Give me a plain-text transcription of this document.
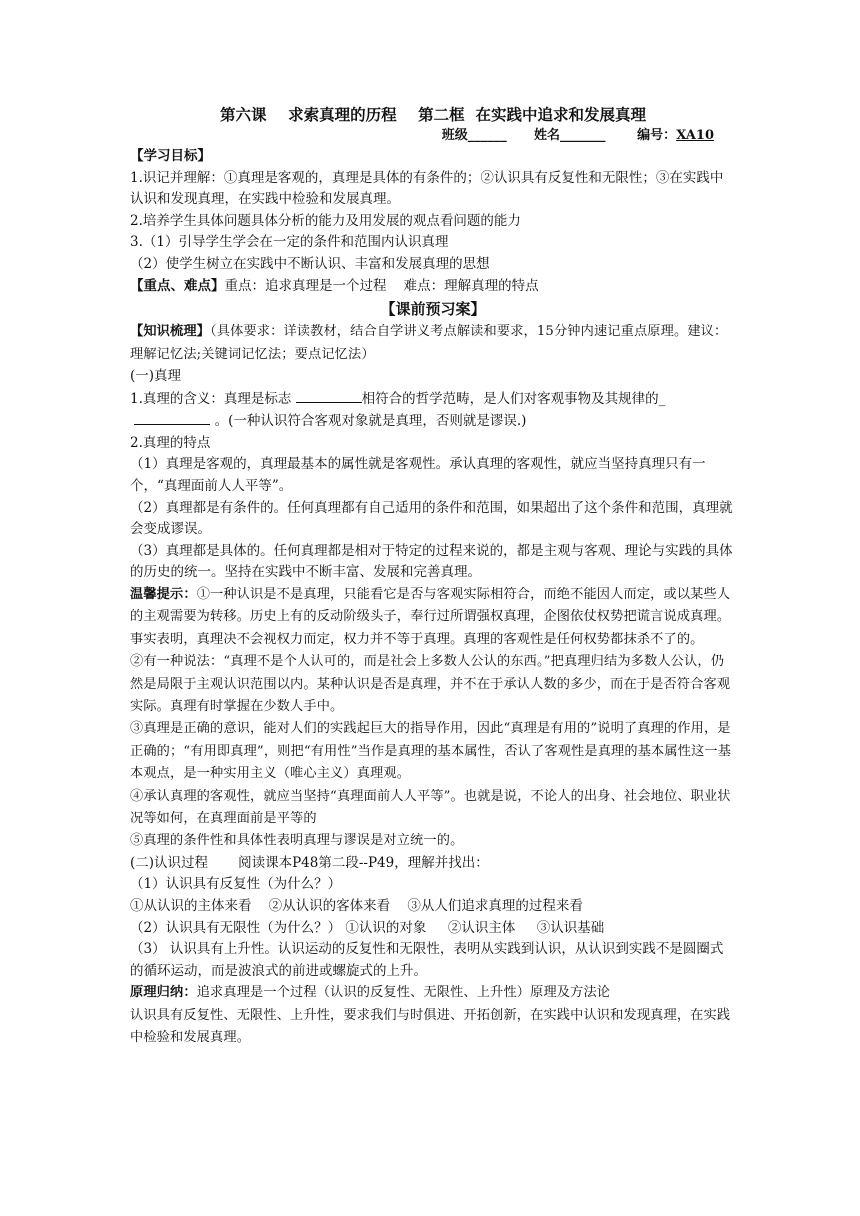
第六课    求索真理的历程    第二框  在实践中追求和发展真理
班级______ 姓名_______ 编号：XA10

【学习目标】

1.识记并理解：①真理是客观的，真理是具体的有条件的；②认识具有反复性和无限性；③在实践中认识和发现真理，在实践中检验和发展真理。

2.培养学生具体问题具体分析的能力及用发展的观点看问题的能力

3.（1）引导学生学会在一定的条件和范围内认识真理

（2）使学生树立在实践中不断认识、丰富和发展真理的思想

【重点、难点】重点：追求真理是一个过程    难点：理解真理的特点

【课前预习案】

【知识梳理】（具体要求：详读教材，结合自学讲义考点解读和要求，15分钟内速记重点原理。建议：理解记忆法;关键词记忆法；要点记忆法）

(一)真理

1.真理的含义：真理是标志	相符合的哲学范畴，是人们对客观事物及其规律的_
。(一种认识符合客观对象就是真理，否则就是谬误.)

2.真理的特点

（1）真理是客观的，真理最基本的属性就是客观性。承认真理的客观性，就应当坚持真理只有一个，“真理面前人人平等”。

（2）真理都是有条件的。任何真理都有自己适用的条件和范围，如果超出了这个条件和范围，真理就会变成谬误。

（3）真理都是具体的。任何真理都是相对于特定的过程来说的，都是主观与客观、理论与实践的具体的历史的统一。坚持在实践中不断丰富、发展和完善真理。

温馨提示：①一种认识是不是真理，只能看它是否与客观实际相符合，而绝不能因人而定，或以某些人的主观需要为转移。历史上有的反动阶级头子，奉行过所谓强权真理，企图依仗权势把谎言说成真理。事实表明，真理决不会视权力而定，权力并不等于真理。真理的客观性是任何权势都抹杀不了的。

②有一种说法：“真理不是个人认可的，而是社会上多数人公认的东西。”把真理归结为多数人公认，仍然是局限于主观认识范围以内。某种认识是否是真理，并不在于承认人数的多少，而在于是否符合客观实际。真理有时掌握在少数人手中。

③真理是正确的意识，能对人们的实践起巨大的指导作用，因此“真理是有用的”说明了真理的作用，是正确的；“有用即真理”，则把“有用性”当作是真理的基本属性，否认了客观性是真理的基本属性这一基本观点，是一种实用主义（唯心主义）真理观。

④承认真理的客观性，就应当坚持“真理面前人人平等”。也就是说，不论人的出身、社会地位、职业状况等如何，在真理面前是平等的

⑤真理的条件性和具体性表明真理与谬误是对立统一的。

(二)认识过程       阅读课本P48第二段--P49，理解并找出：

（1）认识具有反复性（为什么？）

①从认识的主体来看    ②从认识的客体来看    ③从人们追求真理的过程来看

（2）认识具有无限性（为什么？） ①认识的对象     ②认识主体     ③认识基础

（3） 认识具有上升性。认识运动的反复性和无限性，表明从实践到认识，从认识到实践不是圆圈式的循环运动，而是波浪式的前进或螺旋式的上升。

原理归纳：追求真理是一个过程（认识的反复性、无限性、上升性）原理及方法论

认识具有反复性、无限性、上升性，要求我们与时俱进、开拓创新，在实践中认识和发现真理，在实践中检验和发展真理。
